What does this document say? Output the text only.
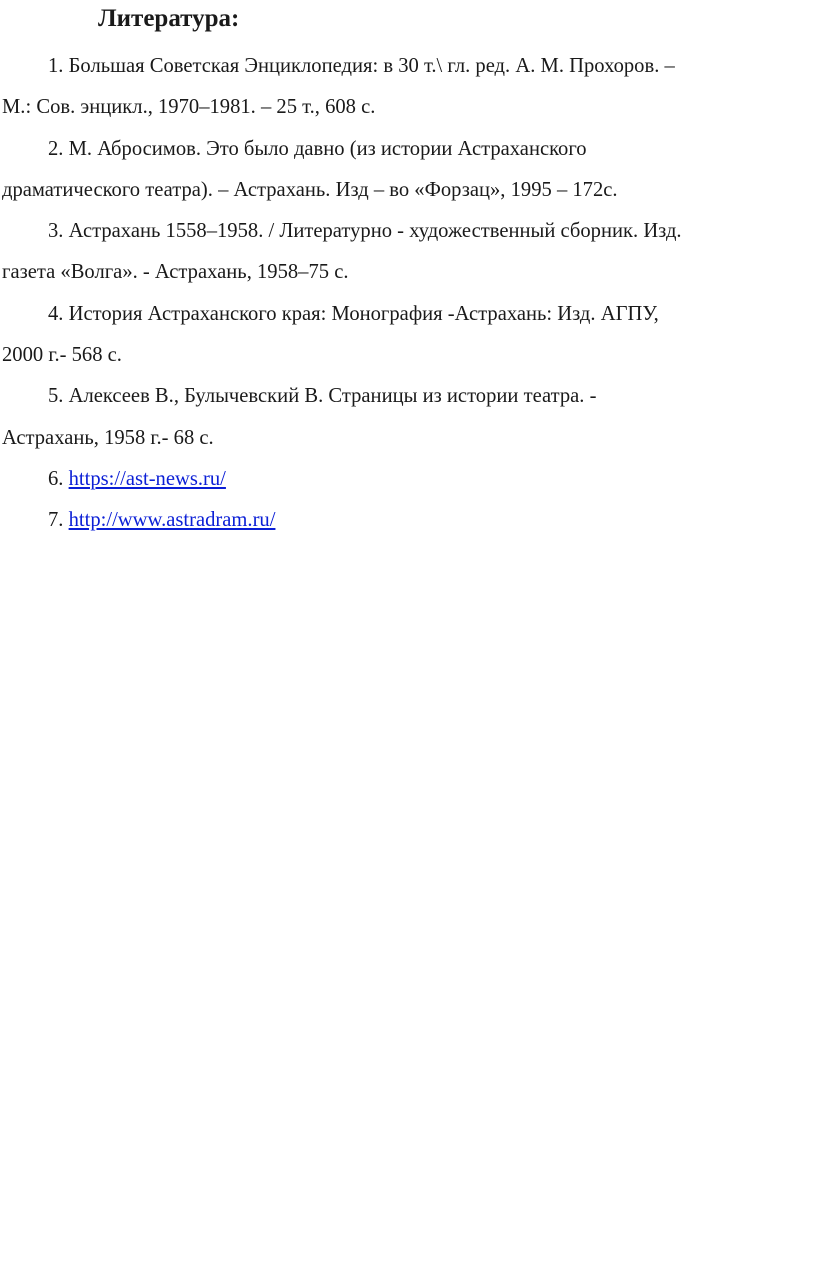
Литература:
1. Большая Советская Энциклопедия: в 30 т.\ гл. ред. А. М. Прохоров. –
М.: Сов. энцикл., 1970–1981. – 25 т., 608 с.
2. М. Абросимов. Это было давно (из истории Астраханского
драматического театра). – Астрахань. Изд – во «Форзац», 1995 – 172с.
3. Астрахань 1558–1958. / Литературно - художественный сборник. Изд.
газета «Волга». - Астрахань, 1958–75 с.
4. История Астраханского края: Монография -Астрахань: Изд. АГПУ,
2000 г.- 568 с.
5. Алексеев В., Булычевский В. Страницы из истории театра. -
Астрахань, 1958 г.- 68 с.
6. https://ast-news.ru/
7. http://www.astradram.ru/
